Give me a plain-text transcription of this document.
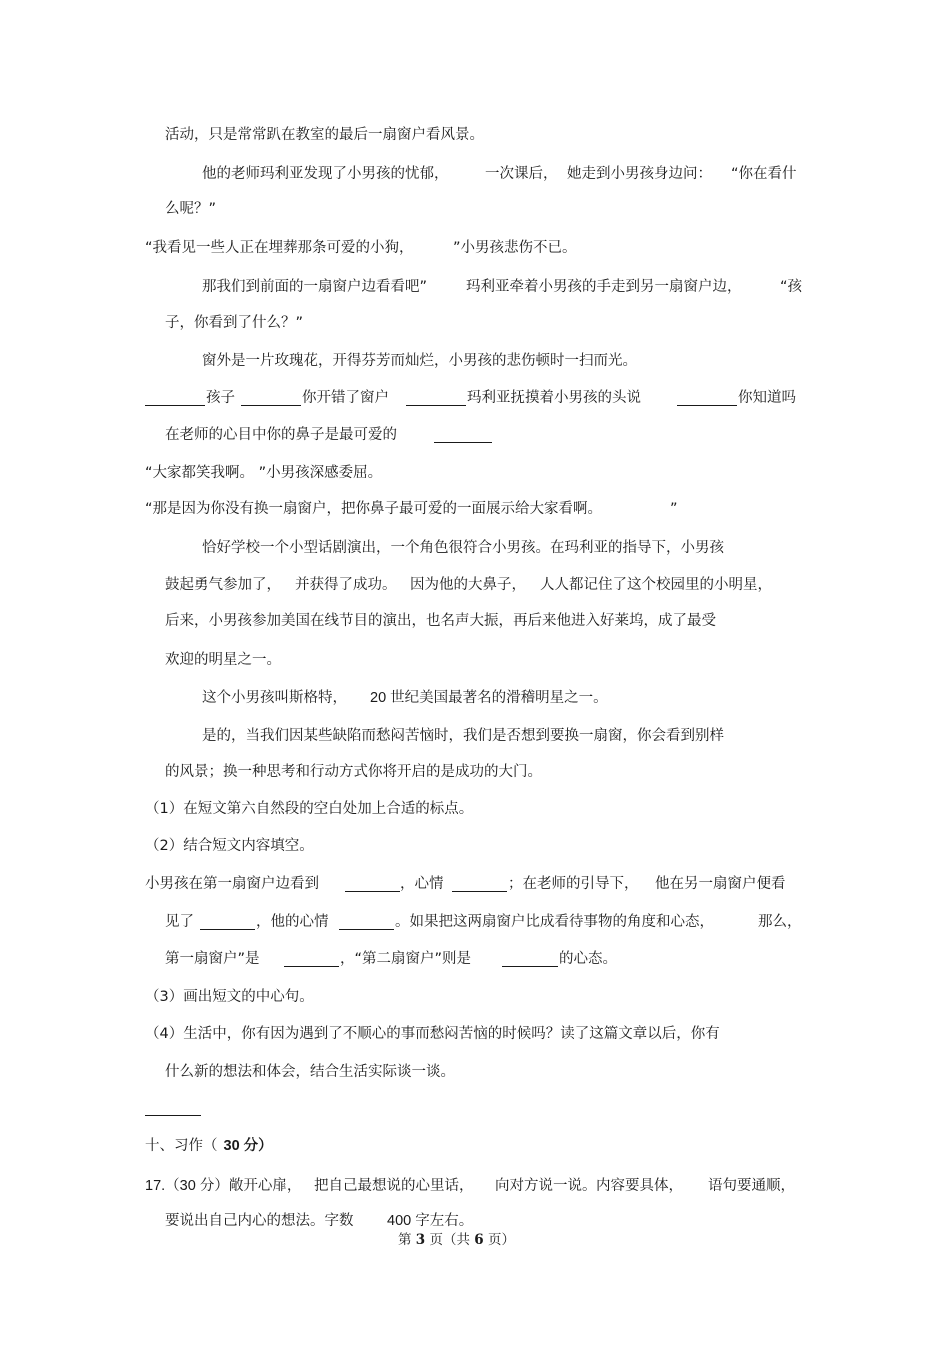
活动，只是常常趴在教室的最后一扇窗户看风景。
他的老师玛利亚发现了小男孩的忧郁，	一次课后， 她走到小男孩身边问： “你在看什
么呢？”
“我看见一些人正在埋葬那条可爱的小狗，	”小男孩悲伤不已。
那我们到前面的一扇窗户边看看吧”	玛利亚牵着小男孩的手走到另一扇窗户边，	“孩
子，你看到了什么？”
窗外是一片玫瑰花，开得芬芳而灿烂，小男孩的悲伤顿时一扫而光。
孩子	你开错了窗户	玛利亚抚摸着小男孩的头说	你知道吗
在老师的心目中你的鼻子是最可爱的
“大家都笑我啊。 ”小男孩深感委屈。
“那是因为你没有换一扇窗户，把你鼻子最可爱的一面展示给大家看啊。	”
恰好学校一个小型话剧演出，一个角色很符合小男孩。在玛利亚的指导下，小男孩
鼓起勇气参加了， 并获得了成功。 因为他的大鼻子， 人人都记住了这个校园里的小明星，
后来，小男孩参加美国在线节目的演出，也名声大振，再后来他进入好莱坞，成了最受
欢迎的明星之一。
这个小男孩叫斯格特， 20 世纪美国最著名的滑稽明星之一。
是的，当我们因某些缺陷而愁闷苦恼时，我们是否想到要换一扇窗，你会看到别样
的风景；换一种思考和行动方式你将开启的是成功的大门。
（1）在短文第六自然段的空白处加上合适的标点。
（2）结合短文内容填空。
小男孩在第一扇窗户边看到	，心情	；在老师的引导下， 他在另一扇窗户便看
见了	，他的心情	。如果把这两扇窗户比成看待事物的角度和心态，	那么，
第一扇窗户”是	，“第二扇窗户”则是	的心态。
（3）画出短文的中心句。
（4）生活中，你有因为遇到了不顺心的事而愁闷苦恼的时候吗？读了这篇文章以后，你有
什么新的想法和体会，结合生活实际谈一谈。
十、习作（ 30 分）
17.（30 分）敞开心扉， 把自己最想说的心里话， 向对方说一说。 内容要具体， 语句要通顺，
要说出自己内心的想法。字数 400 字左右。
第 3 页（共 6 页）
